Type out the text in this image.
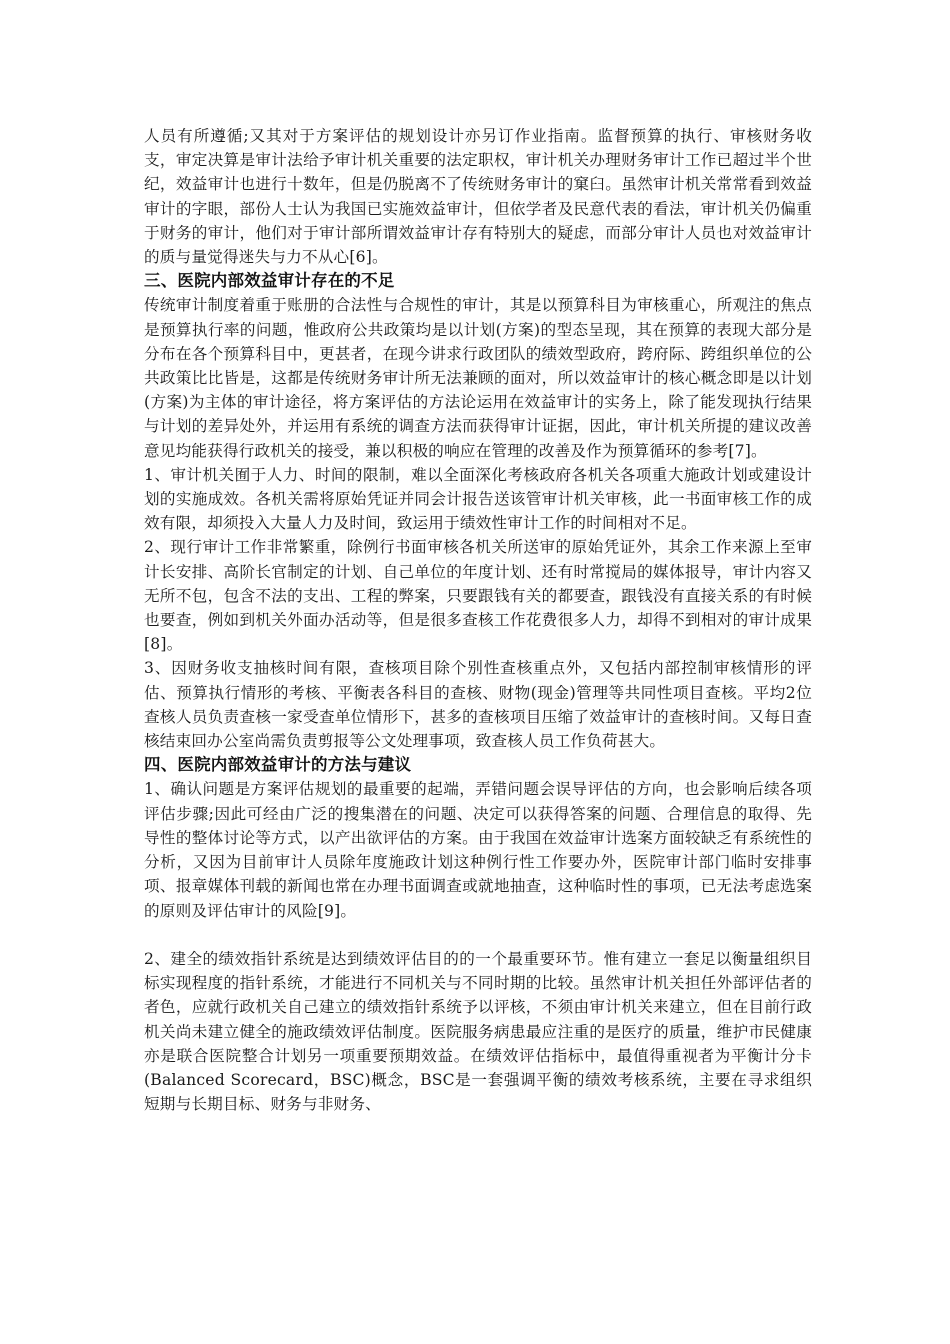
人员有所遵循;又其对于方案评估的规划设计亦另订作业指南。监督预算的执行、审核财务收支，审定决算是审计法给予审计机关重要的法定职权，审计机关办理财务审计工作已超过半个世纪，效益审计也进行十数年，但是仍脱离不了传统财务审计的窠臼。虽然审计机关常常看到效益审计的字眼，部份人士认为我国已实施效益审计，但依学者及民意代表的看法，审计机关仍偏重于财务的审计，他们对于审计部所谓效益审计存有特别大的疑虑，而部分审计人员也对效益审计的质与量觉得迷失与力不从心[6]。

三、医院内部效益审计存在的不足

传统审计制度着重于账册的合法性与合规性的审计，其是以预算科目为审核重心，所观注的焦点是预算执行率的问题，惟政府公共政策均是以计划(方案)的型态呈现，其在预算的表现大部分是分布在各个预算科目中，更甚者，在现今讲求行政团队的绩效型政府，跨府际、跨组织单位的公共政策比比皆是，这都是传统财务审计所无法兼顾的面对，所以效益审计的核心概念即是以计划(方案)为主体的审计途径，将方案评估的方法论运用在效益审计的实务上，除了能发现执行结果与计划的差异处外，并运用有系统的调查方法而获得审计证据，因此，审计机关所提的建议改善意见均能获得行政机关的接受，兼以积极的响应在管理的改善及作为预算循环的参考[7]。

1、审计机关囿于人力、时间的限制，难以全面深化考核政府各机关各项重大施政计划或建设计划的实施成效。各机关需将原始凭证并同会计报告送该管审计机关审核，此一书面审核工作的成效有限，却须投入大量人力及时间，致运用于绩效性审计工作的时间相对不足。

2、现行审计工作非常繁重，除例行书面审核各机关所送审的原始凭证外，其余工作来源上至审计长安排、高阶长官制定的计划、自己单位的年度计划、还有时常搅局的媒体报导，审计内容又无所不包，包含不法的支出、工程的弊案，只要跟钱有关的都要查，跟钱没有直接关系的有时候也要查，例如到机关外面办活动等，但是很多查核工作花费很多人力，却得不到相对的审计成果[8]。

3、因财务收支抽核时间有限，查核项目除个别性查核重点外，又包括内部控制审核情形的评估、预算执行情形的考核、平衡表各科目的查核、财物(现金)管理等共同性项目查核。平均2位查核人员负责查核一家受查单位情形下，甚多的查核项目压缩了效益审计的查核时间。又每日查核结束回办公室尚需负责剪报等公文处理事项，致查核人员工作负荷甚大。

四、医院内部效益审计的方法与建议

1、确认问题是方案评估规划的最重要的起端，弄错问题会误导评估的方向，也会影响后续各项评估步骤;因此可经由广泛的搜集潜在的问题、决定可以获得答案的问题、合理信息的取得、先导性的整体讨论等方式，以产出欲评估的方案。由于我国在效益审计选案方面较缺乏有系统性的分析，又因为目前审计人员除年度施政计划这种例行性工作要办外，医院审计部门临时安排事项、报章媒体刊载的新闻也常在办理书面调查或就地抽查，这种临时性的事项，已无法考虑选案的原则及评估审计的风险[9]。

2、建全的绩效指针系统是达到绩效评估目的的一个最重要环节。惟有建立一套足以衡量组织目标实现程度的指针系统，才能进行不同机关与不同时期的比较。虽然审计机关担任外部评估者的者色，应就行政机关自己建立的绩效指针系统予以评核，不须由审计机关来建立，但在目前行政机关尚未建立健全的施政绩效评估制度。医院服务病患最应注重的是医疗的质量，维护市民健康亦是联合医院整合计划另一项重要预期效益。在绩效评估指标中，最值得重视者为平衡计分卡(Balanced Scorecard，BSC)概念，BSC是一套强调平衡的绩效考核系统，主要在寻求组织短期与长期目标、财务与非财务、
